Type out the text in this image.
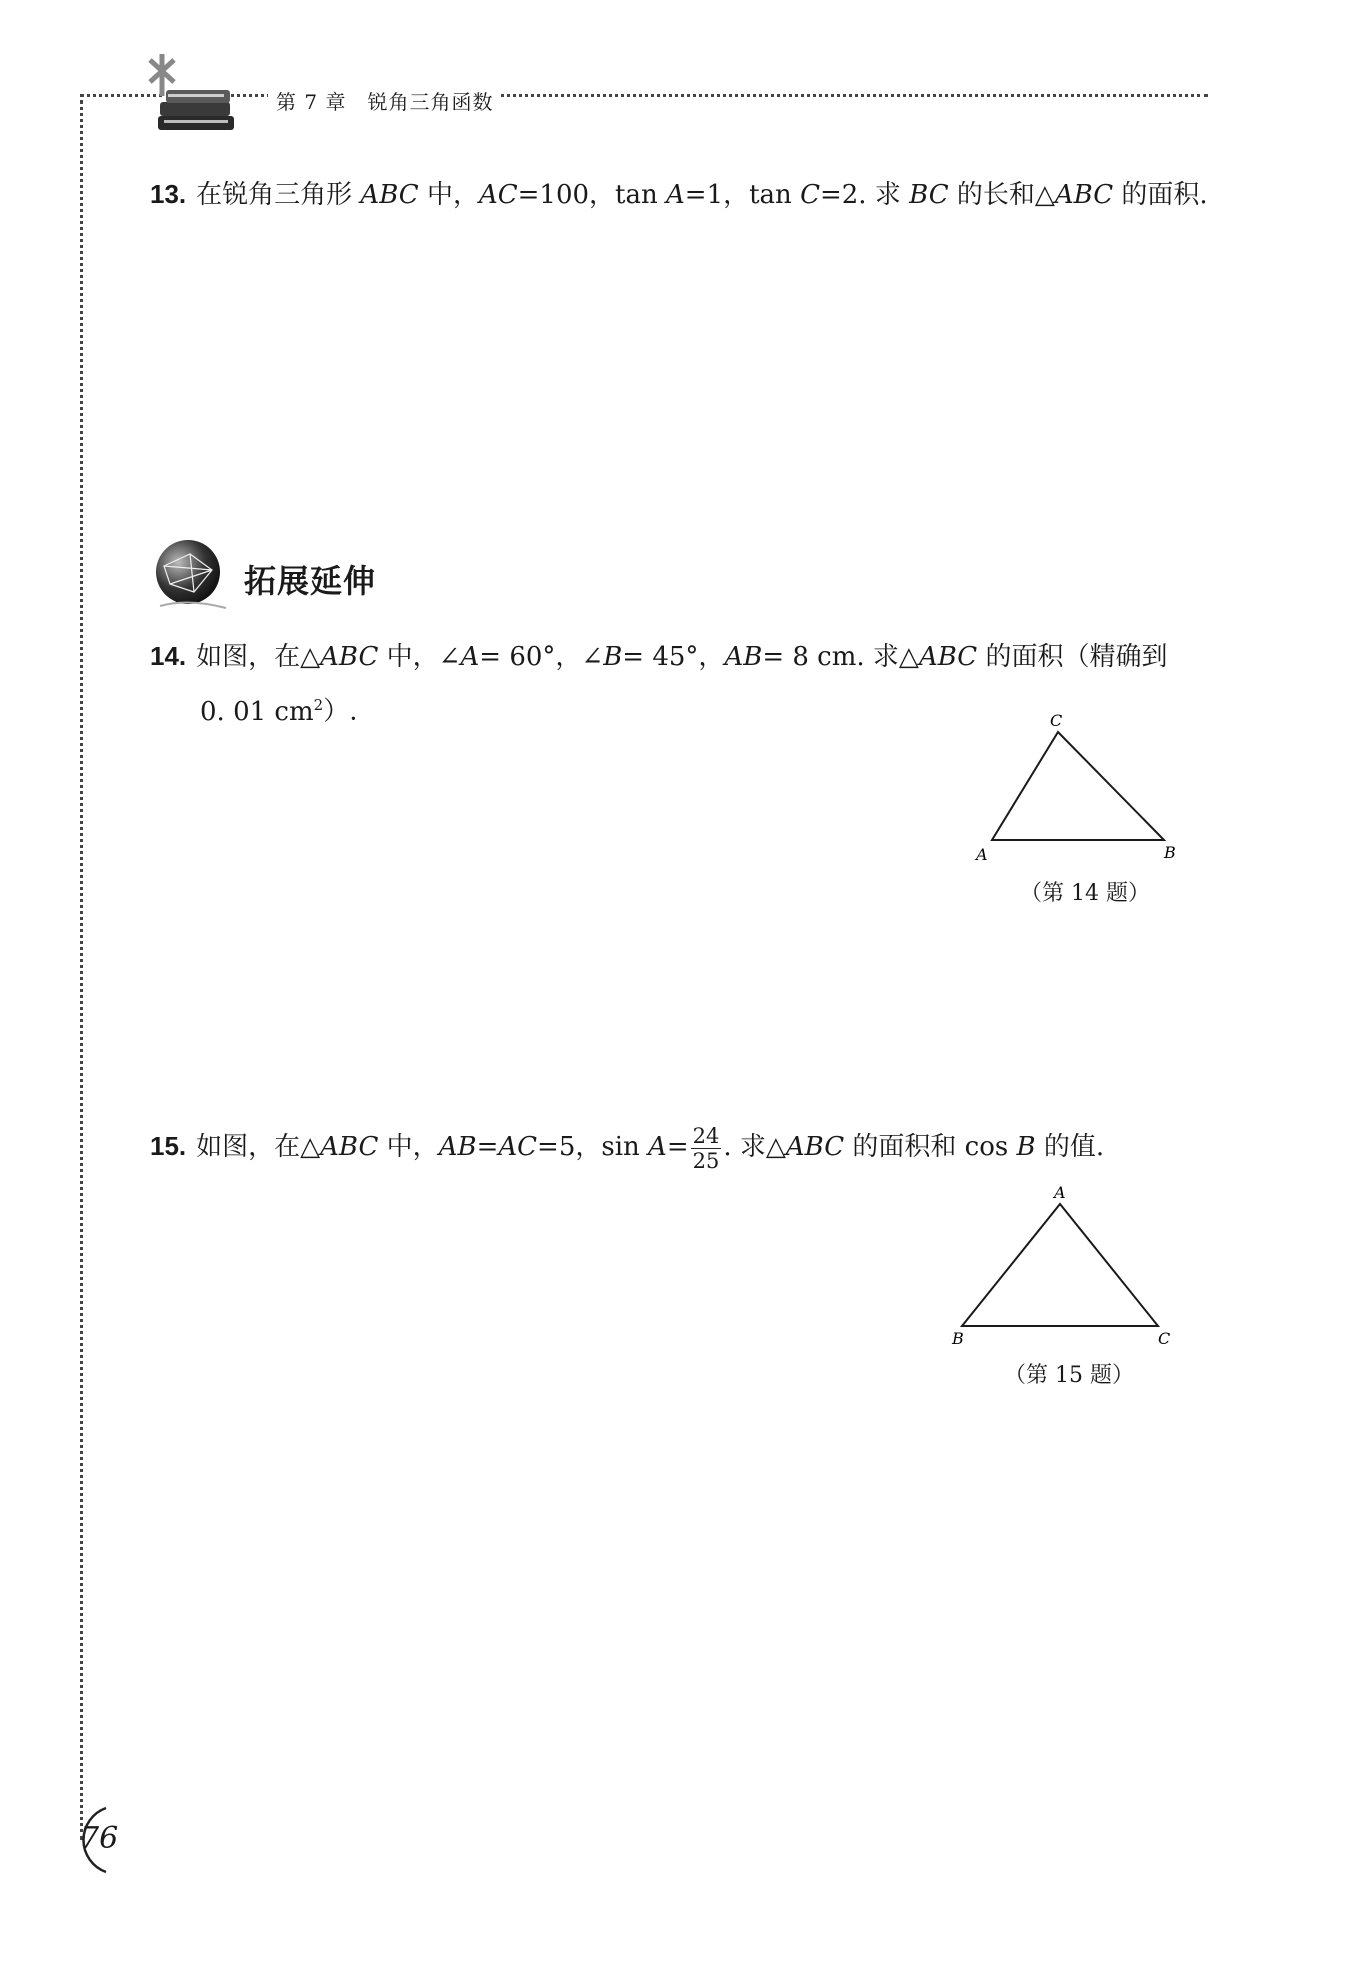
第 7 章　锐角三角函数
13. 在锐角三角形 ABC 中，AC=100，tan A=1，tan C=2. 求 BC 的长和△ABC 的面积.
拓展延伸
14. 如图，在△ABC 中，∠A= 60°，∠B= 45°，AB= 8 cm. 求△ABC 的面积（精确到
0. 01 $cm^2$）.
A	B
C
（第 14 题）
15. 如图，在△ABC 中，AB=AC=5，$\sin A= \frac{24}{25}$ . 求△ABC 的面积和 cos B 的值.
A
B	C
（第 15 题）
76
